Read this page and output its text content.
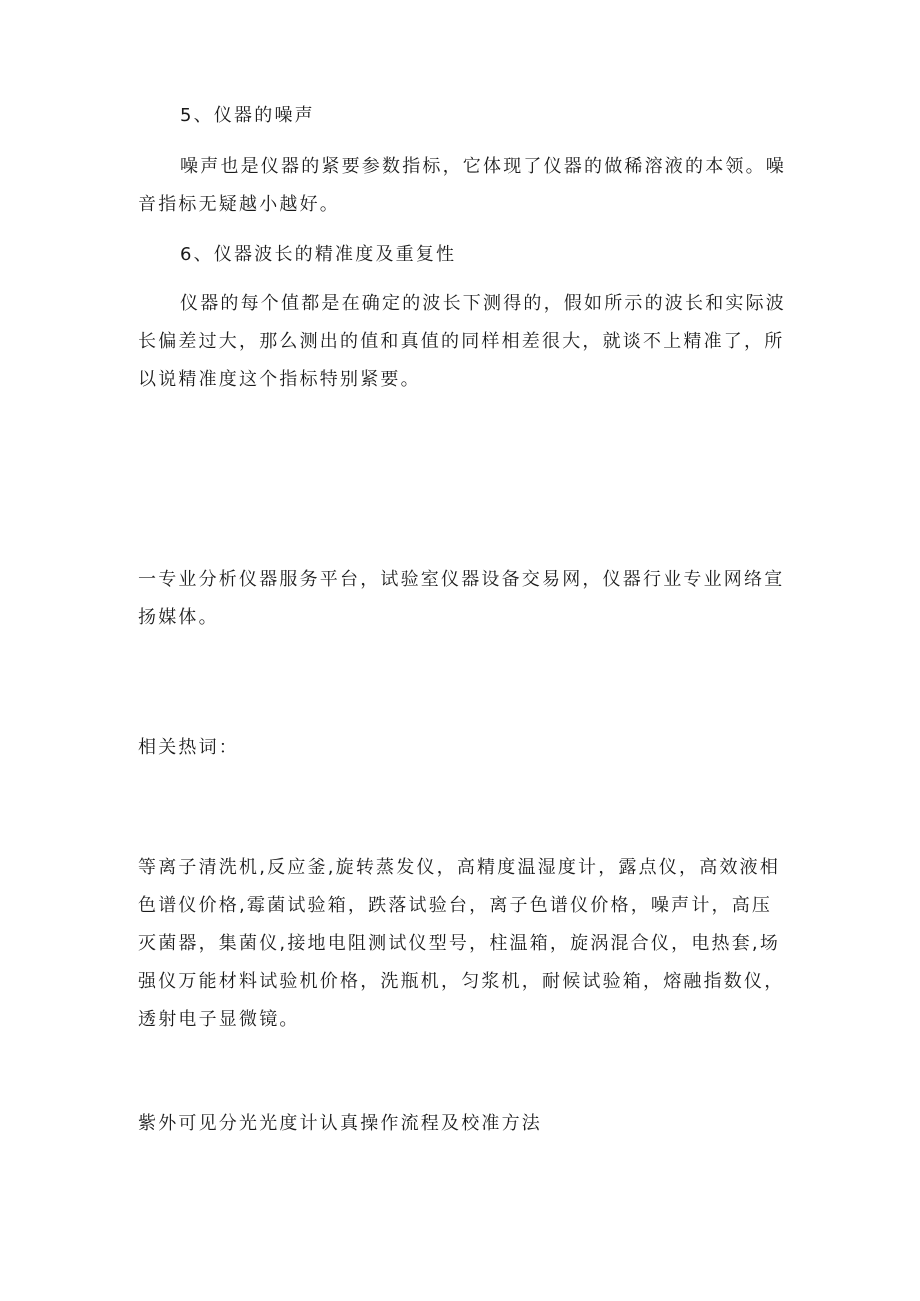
5、仪器的噪声

噪声也是仪器的紧要参数指标，它体现了仪器的做稀溶液的本领。噪音指标无疑越小越好。

6、仪器波长的精准度及重复性

仪器的每个值都是在确定的波长下测得的，假如所示的波长和实际波长偏差过大，那么测出的值和真值的同样相差很大，就谈不上精准了，所以说精准度这个指标特别紧要。

一专业分析仪器服务平台，试验室仪器设备交易网，仪器行业专业网络宣扬媒体。

相关热词：

等离子清洗机,反应釜,旋转蒸发仪，高精度温湿度计，露点仪，高效液相色谱仪价格,霉菌试验箱，跌落试验台，离子色谱仪价格，噪声计，高压灭菌器，集菌仪,接地电阻测试仪型号，柱温箱，旋涡混合仪，电热套,场强仪万能材料试验机价格，洗瓶机，匀浆机，耐候试验箱，熔融指数仪，透射电子显微镜。

紫外可见分光光度计认真操作流程及校准方法
